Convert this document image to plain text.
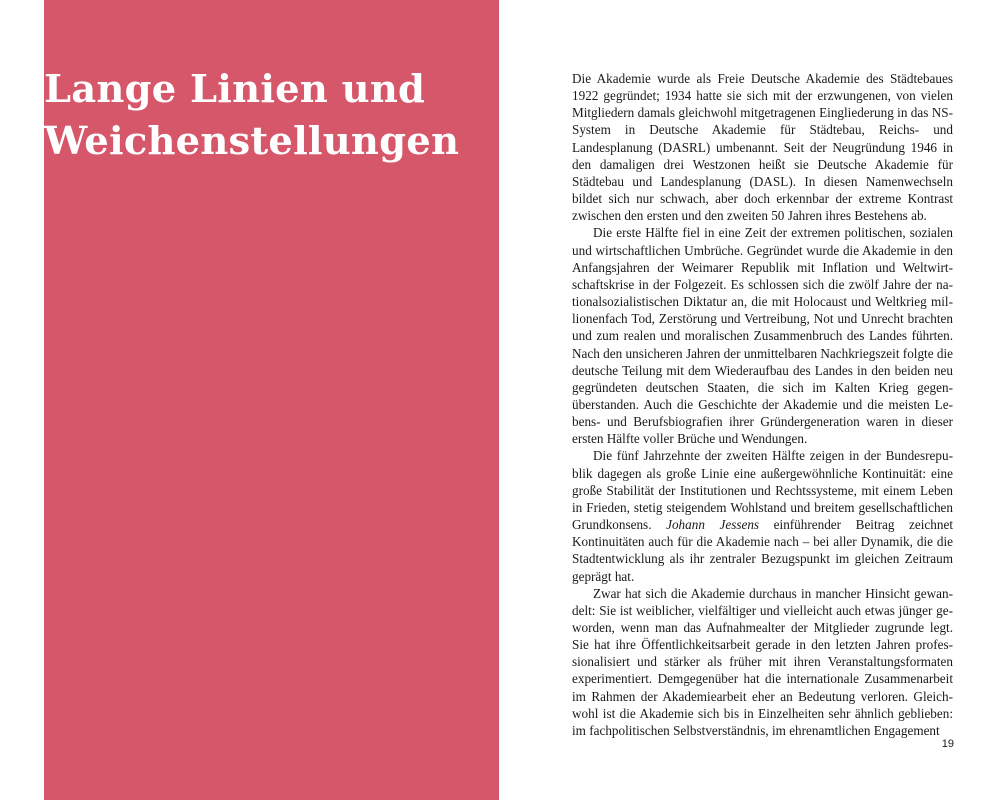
Lange Linien und
Weichenstellungen

Die Akademie wurde als Freie Deutsche Akademie des Städtebaues 1922 gegründet; 1934 hatte sie sich mit der erzwungenen, von vielen Mitgliedern damals gleichwohl mitgetragenen Eingliederung in das NS-System in Deutsche Akademie für Städtebau, Reichs- und Landesplanung (DASRL) umbenannt. Seit der Neugründung 1946 in den damaligen drei Westzonen heißt sie Deutsche Akademie für Städtebau und Landesplanung (DASL). In diesen Namenwechseln bildet sich nur schwach, aber doch erkennbar der extreme Kontrast zwischen den ersten und den zweiten 50 Jahren ihres Bestehens ab.

Die erste Hälfte fiel in eine Zeit der extremen politischen, sozialen und wirtschaftlichen Umbrüche. Gegründet wurde die Akademie in den Anfangsjahren der Weimarer Republik mit Inflation und Weltwirtschaftskrise in der Folgezeit. Es schlossen sich die zwölf Jahre der nationalsozialistischen Diktatur an, die mit Holocaust und Weltkrieg millionenfach Tod, Zerstörung und Vertreibung, Not und Unrecht brachten und zum realen und moralischen Zusammenbruch des Landes führten. Nach den unsicheren Jahren der unmittelbaren Nachkriegszeit folgte die deutsche Teilung mit dem Wiederaufbau des Landes in den beiden neu gegründeten deutschen Staaten, die sich im Kalten Krieg gegenüberstanden. Auch die Geschichte der Akademie und die meisten Lebens- und Berufsbiografien ihrer Gründergeneration waren in dieser ersten Hälfte voller Brüche und Wendungen.

Die fünf Jahrzehnte der zweiten Hälfte zeigen in der Bundesrepublik dagegen als große Linie eine außergewöhnliche Kontinuität: eine große Stabilität der Institutionen und Rechtssysteme, mit einem Leben in Frieden, stetig steigendem Wohlstand und breitem gesellschaftlichen Grundkonsens. Johann Jessens einführender Beitrag zeichnet Kontinuitäten auch für die Akademie nach – bei aller Dynamik, die die Stadtentwicklung als ihr zentraler Bezugspunkt im gleichen Zeitraum geprägt hat.

Zwar hat sich die Akademie durchaus in mancher Hinsicht gewandelt: Sie ist weiblicher, vielfältiger und vielleicht auch etwas jünger geworden, wenn man das Aufnahmealter der Mitglieder zugrunde legt. Sie hat ihre Öffentlichkeitsarbeit gerade in den letzten Jahren professionalisiert und stärker als früher mit ihren Veranstaltungsformaten experimentiert. Demgegenüber hat die internationale Zusammenarbeit im Rahmen der Akademiearbeit eher an Bedeutung verloren. Gleichwohl ist die Akademie sich bis in Einzelheiten sehr ähnlich geblieben: im fachpolitischen Selbstverständnis, im ehrenamtlichen Engagement

19
